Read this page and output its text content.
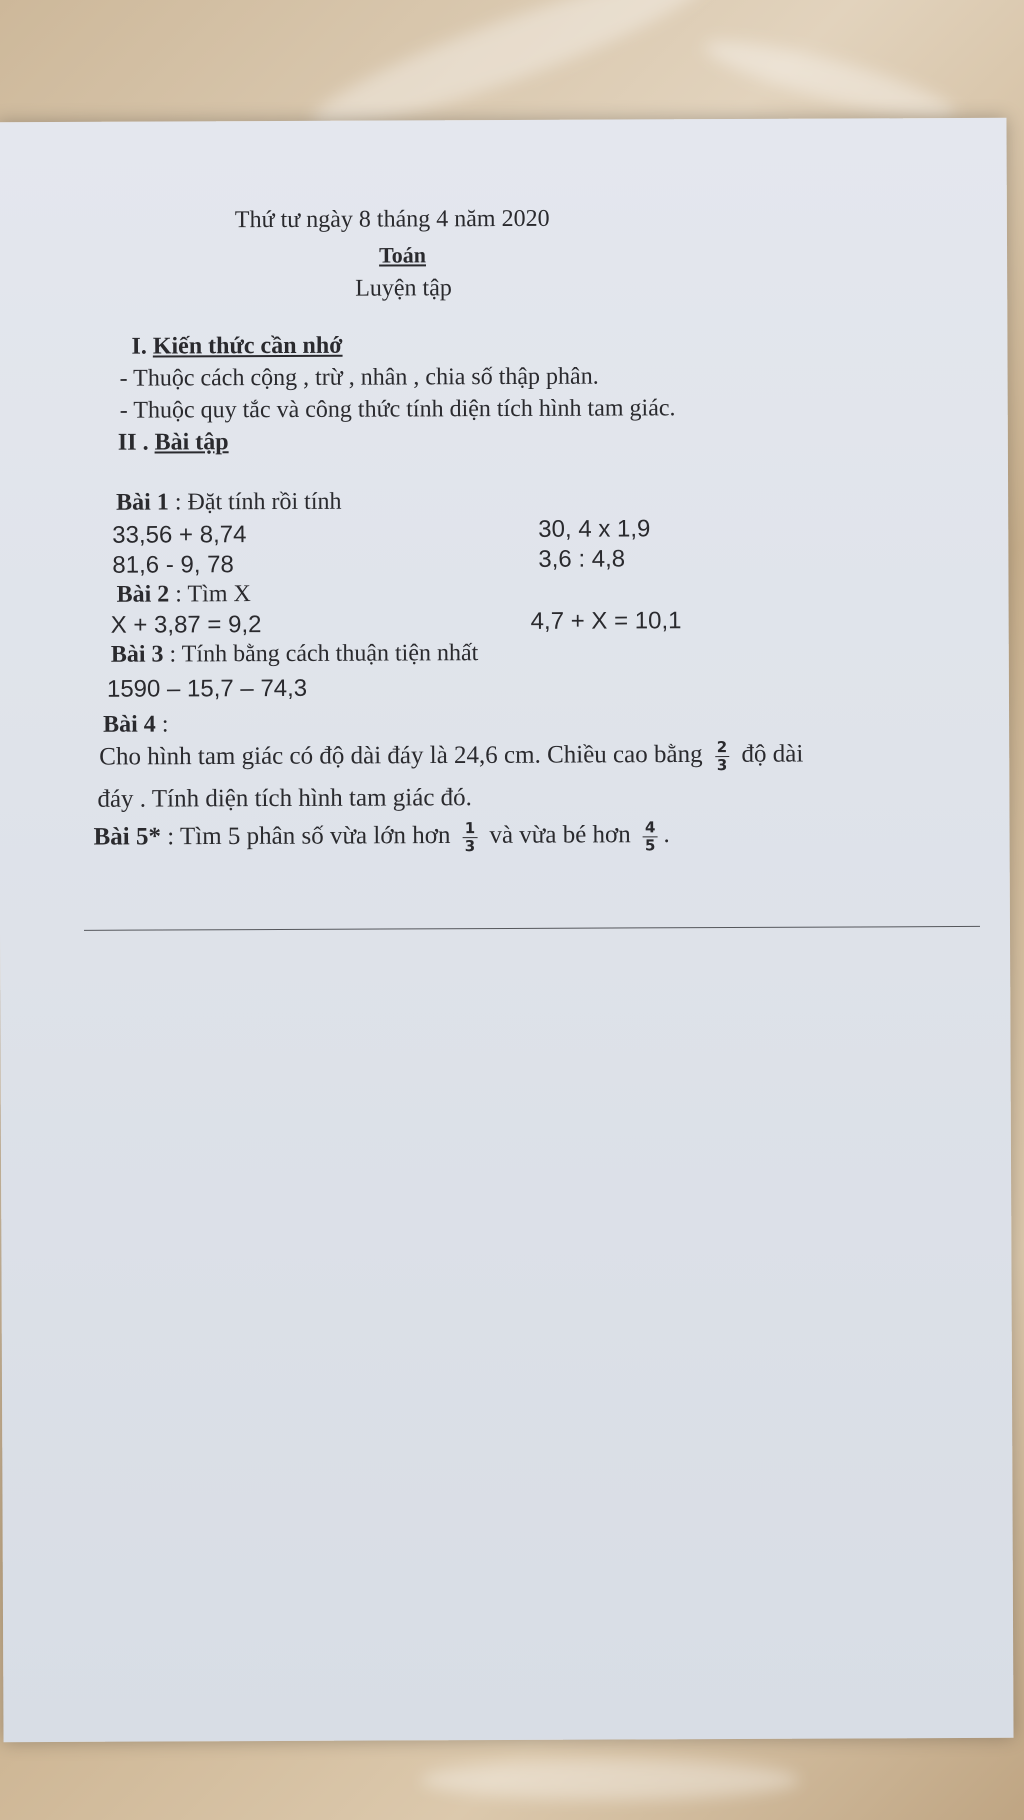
Thứ tư ngày 8 tháng 4 năm 2020
Toán
Luyện tập
I. Kiến thức cần nhớ
- Thuộc cách cộng , trừ , nhân , chia số thập phân.
- Thuộc quy tắc và công thức tính diện tích hình tam giác.
II . Bài tập
Bài 1 : Đặt tính rồi tính
33,56 + 8,74	30, 4 x 1,9
81,6 - 9, 78	3,6 : 4,8
Bài 2 : Tìm X
X + 3,87 = 9,2	4,7 + X = 10,1
Bài 3 : Tính bằng cách thuận tiện nhất
1590 – 15,7 – 74,3
Bài 4 :
Cho hình tam giác có độ dài đáy là 24,6 cm. Chiều cao bằng $\frac{2}{3}$ độ dài
đáy . Tính diện tích hình tam giác đó.
Bài 5* : Tìm 5 phân số vừa lớn hơn $\frac{1}{3}$ và vừa bé hơn $\frac{4}{5}$ .
